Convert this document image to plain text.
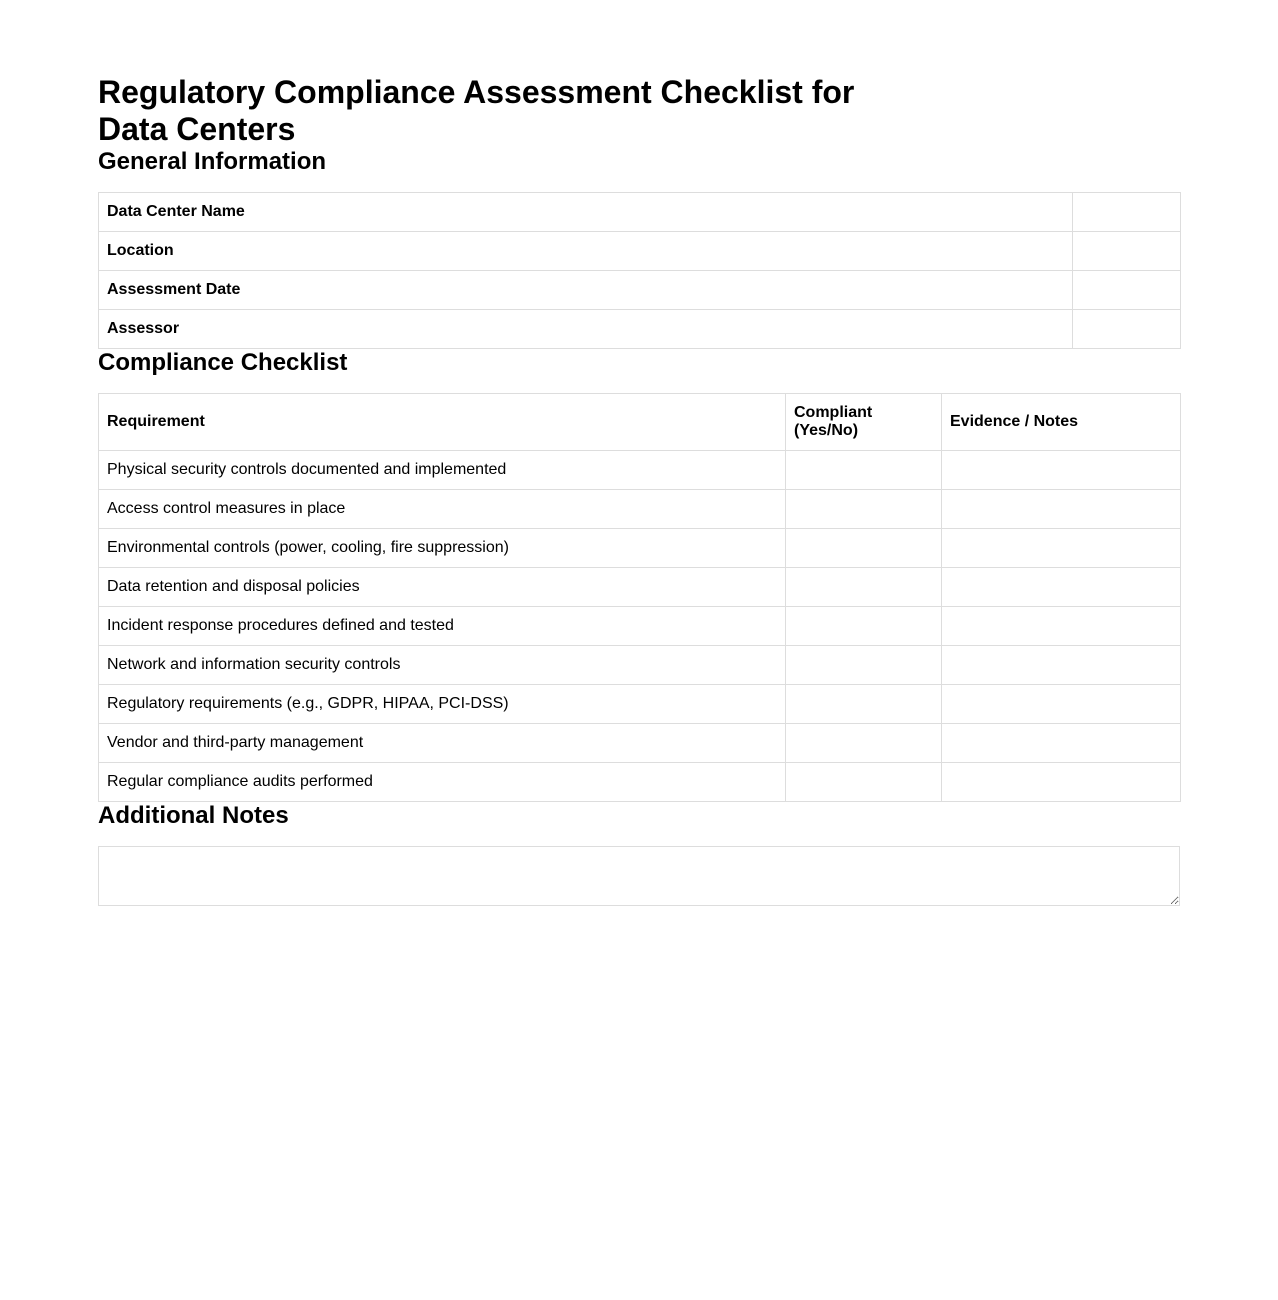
Regulatory Compliance Assessment Checklist for Data Centers
General Information
Data Center Name	
Location	
Assessment Date	
Assessor	
Compliance Checklist
Requirement	Compliant (Yes/No)	Evidence / Notes
Physical security controls documented and implemented		
Access control measures in place		
Environmental controls (power, cooling, fire suppression)		
Data retention and disposal policies		
Incident response procedures defined and tested		
Network and information security controls		
Regulatory requirements (e.g., GDPR, HIPAA, PCI-DSS)		
Vendor and third-party management		
Regular compliance audits performed		
Additional Notes
